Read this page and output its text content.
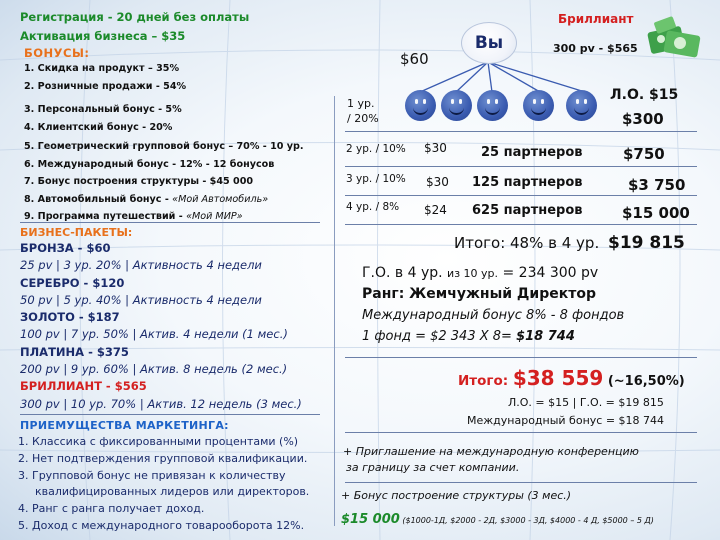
Регистрация - 20 дней без оплаты
Активация бизнеса – $35
БОНУСЫ:
1. Скидка на продукт – 35%
2. Розничные продажи - 54%
3. Персональный бонус - 5%
4. Клиентский бонус - 20%
5. Геометрический групповой бонус – 70% - 10 ур.
6. Международный бонус - 12% - 12 бонусов
7. Бонус построения структуры - $45 000
8. Автомобильный бонус - «Мой Автомобиль»
9. Программа путешествий - «Мой МИР»
БИЗНЕС-ПАКЕТЫ:
БРОНЗА - $60
25 pv | 3 ур. 20% | Активность 4 недели
СЕРЕБРО - $120
50 pv | 5 ур. 40% | Активность 4 недели
ЗОЛОТО - $187
100 pv | 7 ур. 50% | Актив. 4 недели (1 мес.)
ПЛАТИНА - $375
200 pv | 9 ур. 60% | Актив. 8 недель (2 мес.)
БРИЛЛИАНТ - $565
300 pv | 10 ур. 70% | Актив. 12 недель (3 мес.)
ПРИЕМУЩЕСТВА МАРКЕТИНГА:
1. Классика с фиксированными процентами (%)
2. Нет подтверждения групповой квалификации.
3. Групповой бонус не привязан к количеству
квалифицированных лидеров или директоров.
4. Ранг с ранга получает доход.
5. Доход с международного товарооборота 12%.
Вы
$60
Бриллиант
300 pv - $565
1 ур.
/ 20%
Л.О. $15
$300
2 ур. / 10% $30	25 партнеров	$750
3 ур. / 10% $30 125 партнеров	$3 750
4 ур. / 8% $24 625 партнеров	$15 000
Итого: 48% в 4 ур. $19 815
Г.О. в 4 ур. из 10 ур. = 234 300 pv
Ранг: Жемчужный Директор
Международный бонус 8% - 8 фондов
1 фонд = $2 343 Х 8= $18 744
Итого: $38 559 (~16,50%)
Л.О. = $15 | Г.О. = $19 815
Международный бонус = $18 744
+ Приглашение на международную конференцию
за границу за счет компании.
+ Бонус построение структуры (3 мес.)
$15 000 ($1000-1Д, $2000 - 2Д, $3000 - 3Д, $4000 - 4 Д, $5000 – 5 Д)
